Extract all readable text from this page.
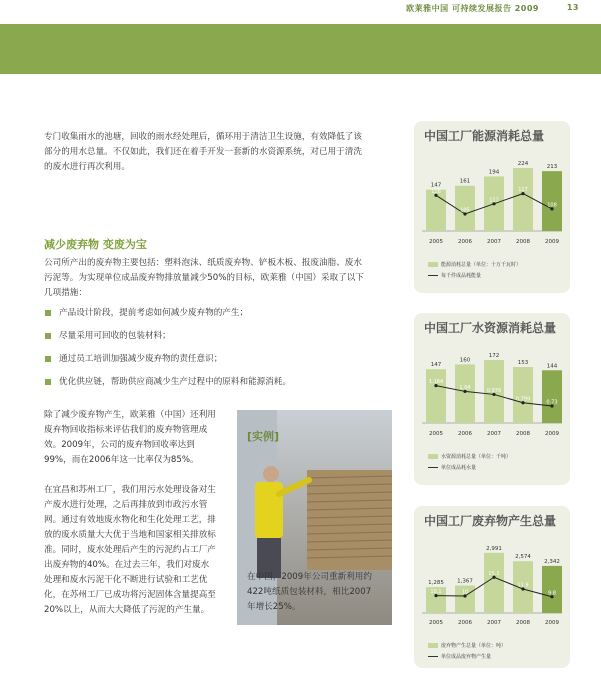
欧莱雅中国 可持续发展报告 2009	13
专门收集雨水的池塘，回收的雨水经处理后，循环用于清洁卫生设施，有效降低了该部分的用水总量。不仅如此，我们还在着手开发一套新的水资源系统，对已用于清洗的废水进行再次利用。
减少废弃物 变废为宝
公司所产出的废弃物主要包括：塑料泡沫、纸质废弃物、铲板木板、报废油脂、废水污泥等。为实现单位成品废弃物排放量减少50%的目标，欧莱雅（中国）采取了以下几项措施：
产品设计阶段，提前考虑如何减少废弃物的产生；
尽量采用可回收的包装材料；
通过员工培训加强减少废弃物的责任意识；
优化供应链，帮助供应商减少生产过程中的原料和能源消耗。
除了减少废弃物产生，欧莱雅（中国）还利用废弃物回收指标来评估我们的废弃物管理成效。2009年，公司的废弃物回收率达到99%，而在2006年这一比率仅为85%。
在宜昌和苏州工厂，我们用污水处理设备对生产废水进行处理，之后再排放到市政污水管网。通过有效地废水物化和生化处理工艺，排放的废水质量大大优于当地和国家相关排放标准。同时，废水处理后产生的污泥约占工厂产出废弃物的40%。在过去三年，我们对废水处理和废水污泥干化不断进行试验和工艺优化，在苏州工厂已成功将污泥固体含量提高至20%以上，从而大大降低了污泥的产生量。
[实例]
在中国，2009年公司重新利用约422吨纸质包装材料，相比2007年增长25%。
中国工厂能源消耗总量
147
2005
161
2006
194
2007
224
2008
213
2009
116
105
111
117
108
能源消耗总量（单位：十万千瓦时）
每千件成品耗能量
中国工厂水资源消耗总量
147
2005
160
2006
172
2007
153
2008
144
2009
1.164
1.04
0.976
0.799
0.73
水资源消耗总量（单位：千吨）
单位成品耗水量
中国工厂废弃物产生总量
1,285
2005
1,367
2006
2,991
2007
2,574
2008
2,342
2009
10.1	10
15.1
11.9
9.8
废弃物产生总量（单位：吨）
单位成品废弃物产生量
